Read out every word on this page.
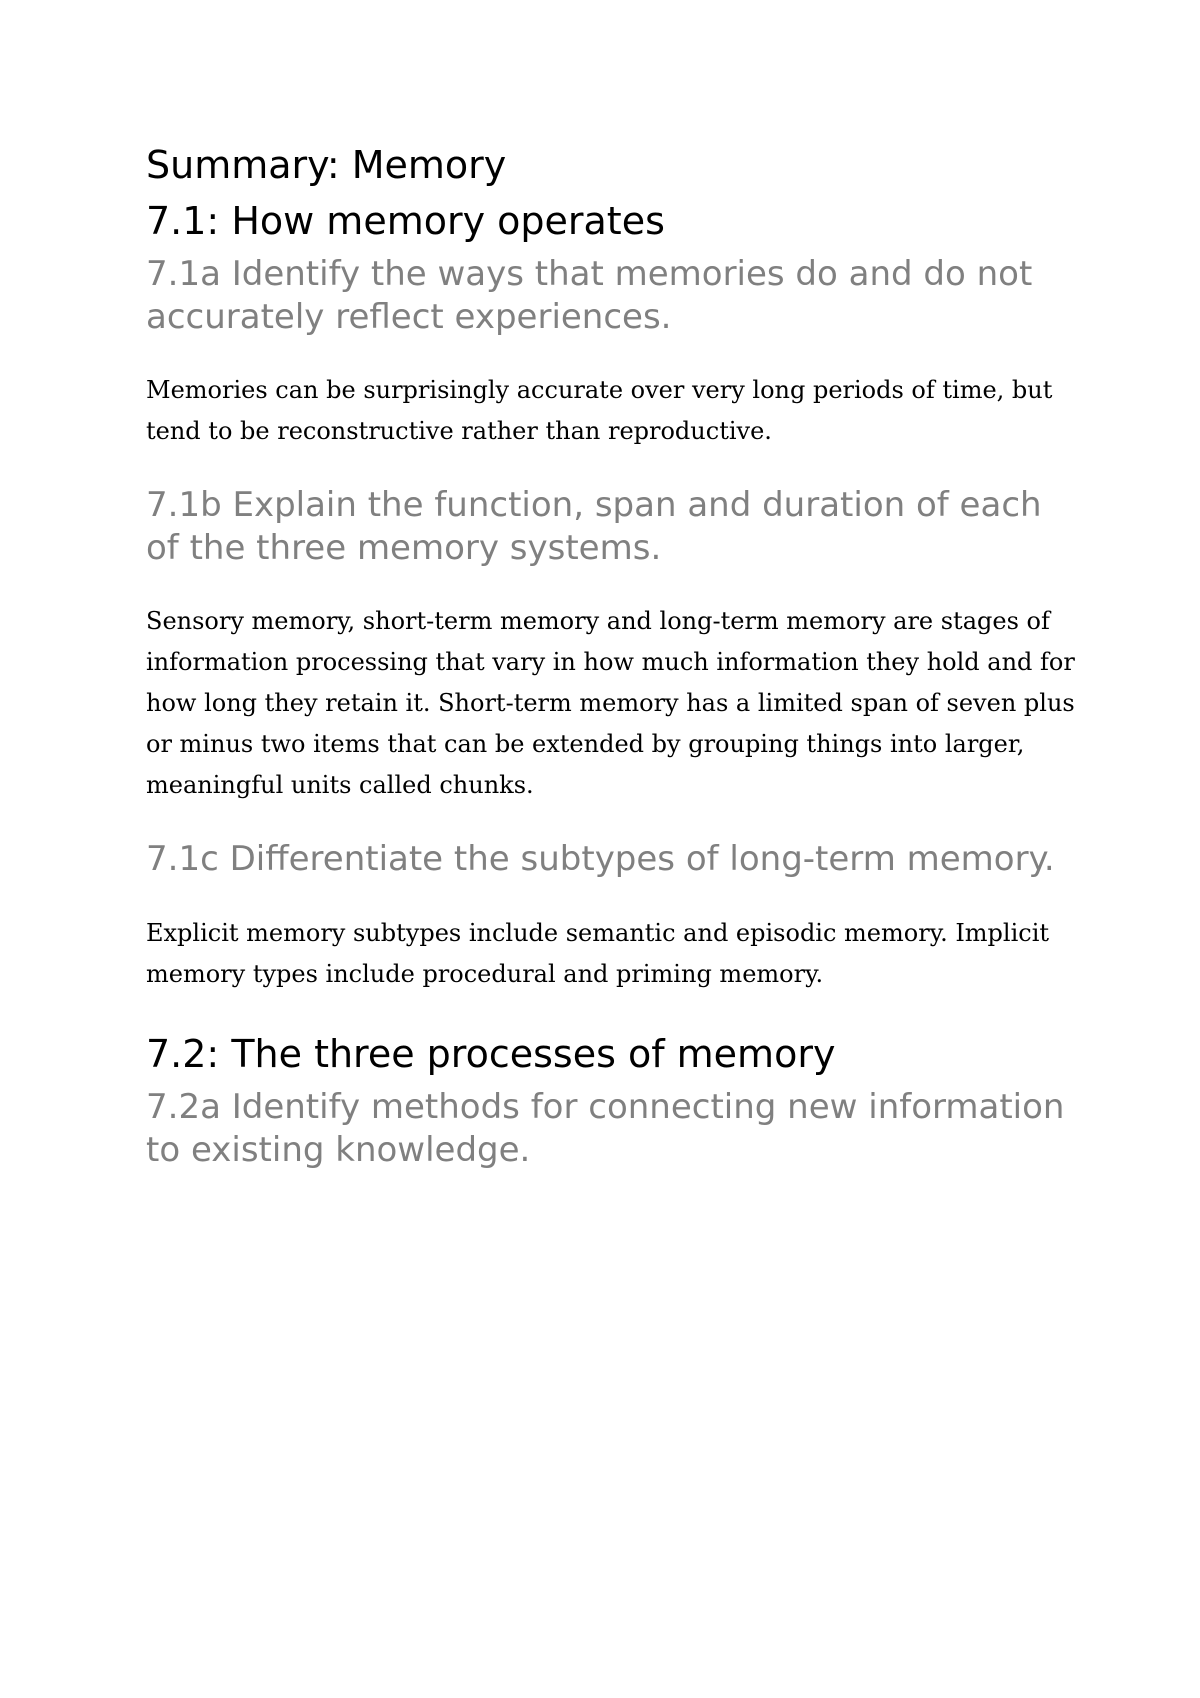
Summary: Memory
7.1: How memory operates
7.1a Identify the ways that memories do and do not accurately reflect experiences.

Memories can be surprisingly accurate over very long periods of time, but tend to be reconstructive rather than reproductive.

7.1b Explain the function, span and duration of each of the three memory systems.

Sensory memory, short-term memory and long-term memory are stages of information processing that vary in how much information they hold and for how long they retain it. Short-term memory has a limited span of seven plus or minus two items that can be extended by grouping things into larger, meaningful units called chunks.

7.1c Differentiate the subtypes of long-term memory.

Explicit memory subtypes include semantic and episodic memory. Implicit memory types include procedural and priming memory.

7.2: The three processes of memory
7.2a Identify methods for connecting new information to existing knowledge.
